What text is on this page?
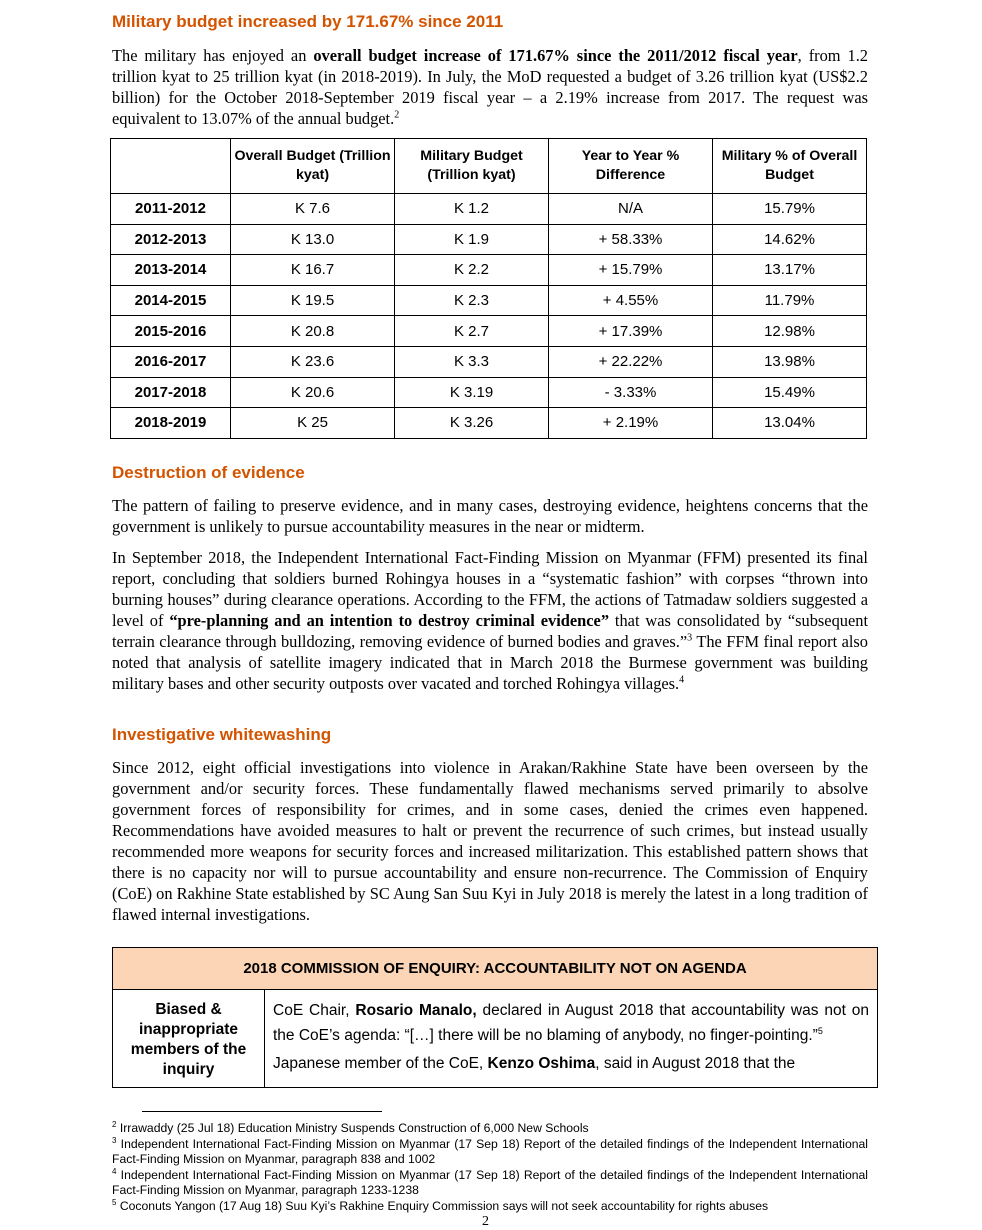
Military budget increased by 171.67% since 2011

The military has enjoyed an overall budget increase of 171.67% since the 2011/2012 fiscal year, from 1.2 trillion kyat to 25 trillion kyat (in 2018-2019). In July, the MoD requested a budget of 3.26 trillion kyat (US$2.2 billion) for the October 2018-September 2019 fiscal year – a 2.19% increase from 2017. The request was equivalent to 13.07% of the annual budget.$^2$

	Overall Budget (Trillion kyat)	Military Budget (Trillion kyat)	Year to Year % Difference	Military % of Overall Budget
2011-2012	K 7.6	K 1.2	N/A	15.79%
2012-2013	K 13.0	K 1.9	+ 58.33%	14.62%
2013-2014	K 16.7	K 2.2	+ 15.79%	13.17%
2014-2015	K 19.5	K 2.3	+ 4.55%	11.79%
2015-2016	K 20.8	K 2.7	+ 17.39%	12.98%
2016-2017	K 23.6	K 3.3	+ 22.22%	13.98%
2017-2018	K 20.6	K 3.19	- 3.33%	15.49%
2018-2019	K 25	K 3.26	+ 2.19%	13.04%
Destruction of evidence

The pattern of failing to preserve evidence, and in many cases, destroying evidence, heightens concerns that the government is unlikely to pursue accountability measures in the near or midterm.

In September 2018, the Independent International Fact-Finding Mission on Myanmar (FFM) presented its final report, concluding that soldiers burned Rohingya houses in a “systematic fashion” with corpses “thrown into burning houses” during clearance operations. According to the FFM, the actions of Tatmadaw soldiers suggested a level of “pre-planning and an intention to destroy criminal evidence” that was consolidated by “subsequent terrain clearance through bulldozing, removing evidence of burned bodies and graves.”$^3$ The FFM final report also noted that analysis of satellite imagery indicated that in March 2018 the Burmese government was building military bases and other security outposts over vacated and torched Rohingya villages.$^4$

Investigative whitewashing

Since 2012, eight official investigations into violence in Arakan/Rakhine State have been overseen by the government and/or security forces. These fundamentally flawed mechanisms served primarily to absolve government forces of responsibility for crimes, and in some cases, denied the crimes even happened. Recommendations have avoided measures to halt or prevent the recurrence of such crimes, but instead usually recommended more weapons for security forces and increased militarization. This established pattern shows that there is no capacity nor will to pursue accountability and ensure non-recurrence. The Commission of Enquiry (CoE) on Rakhine State established by SC Aung San Suu Kyi in July 2018 is merely the latest in a long tradition of flawed internal investigations.

2018 COMMISSION OF ENQUIRY: ACCOUNTABILITY NOT ON AGENDA
Biased & inappropriate members of the inquiry

CoE Chair, Rosario Manalo, declared in August 2018 that accountability was not on the CoE’s agenda: “[…] there will be no blaming of anybody, no finger-pointing.”$^5$

Japanese member of the CoE, Kenzo Oshima, said in August 2018 that the

$^2$ Irrawaddy (25 Jul 18) Education Ministry Suspends Construction of 6,000 New Schools

$^3$ Independent International Fact-Finding Mission on Myanmar (17 Sep 18) Report of the detailed findings of the Independent International Fact-Finding Mission on Myanmar, paragraph 838 and 1002

$^4$ Independent International Fact-Finding Mission on Myanmar (17 Sep 18) Report of the detailed findings of the Independent International Fact-Finding Mission on Myanmar, paragraph 1233-1238

$^5$ Coconuts Yangon (17 Aug 18) Suu Kyi’s Rakhine Enquiry Commission says will not seek accountability for rights abuses

2
